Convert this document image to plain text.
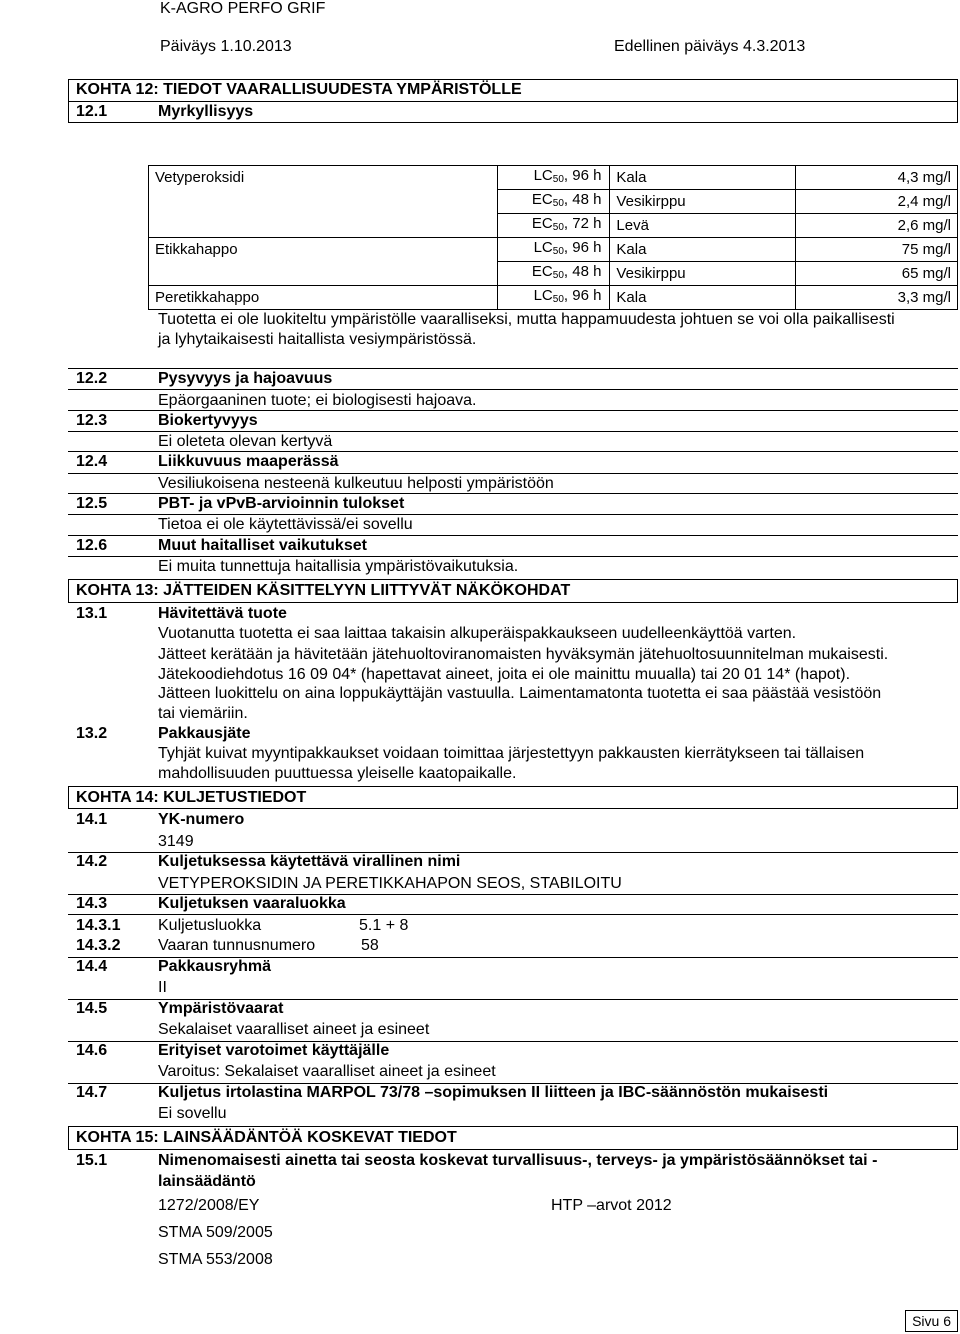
K-AGRO PERFO GRIF
Päiväys 1.10.2013	Edellinen päiväys 4.3.2013
KOHTA 12: TIEDOT VAARALLISUUDESTA YMPÄRISTÖLLE
12.1	Myrkyllisyys
Vetyperoksidi	$LC_{50}$, 96 h	Kala	4,3 mg/l
	$EC_{50}$, 48 h	Vesikirppu	2,4 mg/l
	$EC_{50}$, 72 h	Levä	2,6 mg/l
Etikkahappo	$LC_{50}$, 96 h	Kala	75 mg/l
	$EC_{50}$, 48 h	Vesikirppu	65 mg/l
Peretikkahappo	$LC_{50}$, 96 h	Kala	3,3 mg/l
Tuotetta ei ole luokiteltu ympäristölle vaaralliseksi, mutta happamuudesta johtuen se voi olla paikallisesti
ja lyhytaikaisesti haitallista vesiympäristössä.
12.2	Pysyvyys ja hajoavuus
Epäorgaaninen tuote; ei biologisesti hajoava.
12.3	Biokertyvyys
Ei oleteta olevan kertyvä
12.4	Liikkuvuus maaperässä
Vesiliukoisena nesteenä kulkeutuu helposti ympäristöön
12.5	PBT- ja vPvB-arvioinnin tulokset
Tietoa ei ole käytettävissä/ei sovellu
12.6	Muut haitalliset vaikutukset
Ei muita tunnettuja haitallisia ympäristövaikutuksia.
KOHTA 13: JÄTTEIDEN KÄSITTELYYN LIITTYVÄT NÄKÖKOHDAT
13.1	Hävitettävä tuote
Vuotanutta tuotetta ei saa laittaa takaisin alkuperäispakkaukseen uudelleenkäyttöä varten.
Jätteet kerätään ja hävitetään jätehuoltoviranomaisten hyväksymän jätehuoltosuunnitelman mukaisesti.
Jätekoodiehdotus 16 09 04* (hapettavat aineet, joita ei ole mainittu muualla) tai 20 01 14* (hapot).
Jätteen luokittelu on aina loppukäyttäjän vastuulla. Laimentamatonta tuotetta ei saa päästää vesistöön
tai viemäriin.
13.2	Pakkausjäte
Tyhjät kuivat myyntipakkaukset voidaan toimittaa järjestettyyn pakkausten kierrätykseen tai tällaisen
mahdollisuuden puuttuessa yleiselle kaatopaikalle.
KOHTA 14: KULJETUSTIEDOT
14.1	YK-numero
3149
14.2	Kuljetuksessa käytettävä virallinen nimi
VETYPEROKSIDIN JA PERETIKKAHAPON SEOS, STABILOITU
14.3	Kuljetuksen vaaraluokka
14.3.1 Kuljetusluokka	5.1 + 8
14.3.2 Vaaran tunnusnumero	58
14.4	Pakkausryhmä
II
14.5	Ympäristövaarat
Sekalaiset vaaralliset aineet ja esineet
14.6	Erityiset varotoimet käyttäjälle
Varoitus: Sekalaiset vaaralliset aineet ja esineet
14.7	Kuljetus irtolastina MARPOL 73/78 –sopimuksen II liitteen ja IBC-säännöstön mukaisesti
Ei sovellu
KOHTA 15: LAINSÄÄDÄNTÖÄ KOSKEVAT TIEDOT
15.1	Nimenomaisesti ainetta tai seosta koskevat turvallisuus-, terveys- ja ympäristösäännökset tai -
lainsäädäntö
1272/2008/EY	HTP –arvot 2012
STMA 509/2005
STMA 553/2008
Sivu 6
